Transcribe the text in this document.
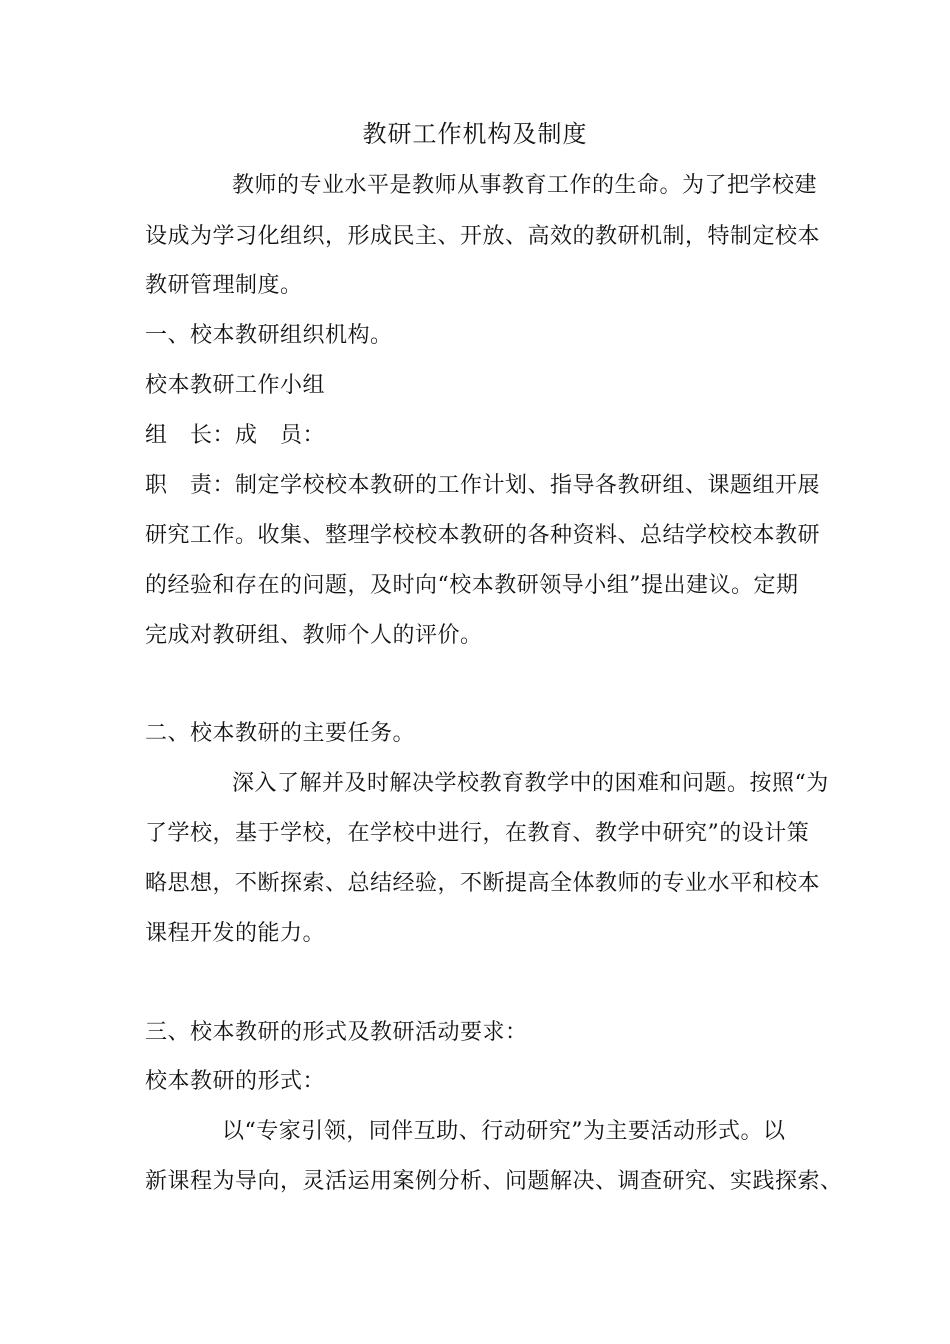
教研工作机构及制度
教师的专业水平是教师从事教育工作的生命。为了把学校建
设成为学习化组织，形成民主、开放、高效的教研机制，特制定校本
教研管理制度。
一、校本教研组织机构。
校本教研工作小组
组　长：成　员：
职　责：制定学校校本教研的工作计划、指导各教研组、课题组开展
研究工作。收集、整理学校校本教研的各种资料、总结学校校本教研
的经验和存在的问题，及时向“校本教研领导小组”提出建议。定期
完成对教研组、教师个人的评价。
二、校本教研的主要任务。
深入了解并及时解决学校教育教学中的困难和问题。按照“为
了学校，基于学校，在学校中进行，在教育、教学中研究”的设计策
略思想，不断探索、总结经验，不断提高全体教师的专业水平和校本
课程开发的能力。
三、校本教研的形式及教研活动要求：
校本教研的形式：
以“专家引领，同伴互助、行动研究”为主要活动形式。以
新课程为导向，灵活运用案例分析、问题解决、调查研究、实践探索、
